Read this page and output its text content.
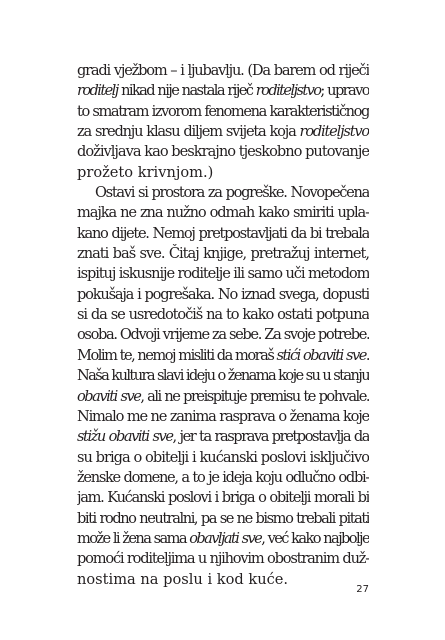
gradi vježbom – i ljubavlju. (Da barem od riječi
roditelj nikad nije nastala riječ roditeljstvo; upravo
to smatram izvorom fenomena karakterističnog
za srednju klasu diljem svijeta koja roditeljstvo
doživljava kao beskrajno tjeskobno putovanje
prožeto krivnjom.)
Ostavi si prostora za pogreške. Novopečena
majka ne zna nužno odmah kako smiriti upla-
kano dijete. Nemoj pretpostavljati da bi trebala
znati baš sve. Čitaj knjige, pretražuj internet,
ispituj iskusnije roditelje ili samo uči metodom
pokušaja i pogrešaka. No iznad svega, dopusti
si da se usredotočiš na to kako ostati potpuna
osoba. Odvoji vrijeme za sebe. Za svoje potrebe.
Molim te, nemoj misliti da moraš stići obaviti sve.
Naša kultura slavi ideju o ženama koje su u stanju
obaviti sve, ali ne preispituje premisu te pohvale.
Nimalo me ne zanima rasprava o ženama koje
stižu obaviti sve, jer ta rasprava pretpostavlja da
su briga o obitelji i kućanski poslovi isključivo
ženske domene, a to je ideja koju odlučno odbi-
jam. Kućanski poslovi i briga o obitelji morali bi
biti rodno neutralni, pa se ne bismo trebali pitati
može li žena sama obavljati sve, već kako najbolje
pomoći roditeljima u njihovim obostranim duž-
nostima na poslu i kod kuće.
27
